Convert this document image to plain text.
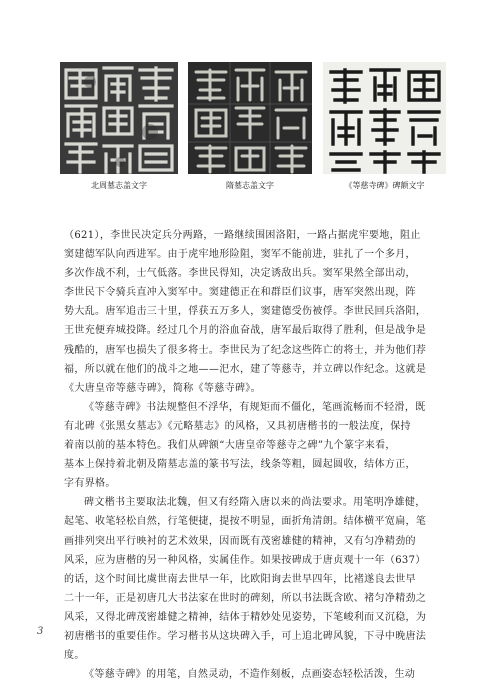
北周墓志盖文字	隋墓志盖文字	《等慈寺碑》碑额文字
（621），李世民决定兵分两路，一路继续围困洛阳，一路占据虎牢要地，阻止
窦建德军队向西进军。由于虎牢地形险阻，窦军不能前进，驻扎了一个多月，
多次作战不利，士气低落。李世民得知，决定诱敌出兵。窦军果然全部出动，
李世民下令骑兵直冲入窦军中。窦建德正在和群臣们议事，唐军突然出现，阵
势大乱。唐军追击三十里，俘获五万多人，窦建德受伤被俘。李世民回兵洛阳，
王世充便弃城投降。经过几个月的浴血奋战，唐军最后取得了胜利，但是战争是
残酷的，唐军也损失了很多将士。李世民为了纪念这些阵亡的将士，并为他们荐
福，所以就在他们的战斗之地——汜水，建了等慈寺，并立碑以作纪念。这就是
《大唐皇帝等慈寺碑》，简称《等慈寺碑》。
《等慈寺碑》书法规整但不浮华，有规矩而不僵化，笔画流畅而不轻滑，既
有北碑《张黑女墓志》《元略墓志》的风格，又具初唐楷书的一般法度，保持
着南以前的基本特色。我们从碑额“大唐皇帝等慈寺之碑”九个篆字来看，
基本上保持着北朝及隋墓志盖的篆书写法，线条等粗，圆起圆收，结体方正，
字有界格。
碑文楷书主要取法北魏，但又有经隋入唐以来的尚法要求。用笔明净雄健，
起笔、收笔轻松自然，行笔便捷，提按不明显，面折角清朗。结体横平宽扁，笔
画排列突出平行映衬的艺术效果，因而既有茂密雄健的精神，又有匀净精劲的
风采，应为唐楷的另一种风格，实属佳作。如果按碑成于唐贞观十一年（637）
的话，这个时间比虞世南去世早一年，比欧阳询去世早四年，比褚遂良去世早
二十一年，正是初唐几大书法家在世时的碑刻，所以书法既含欧、褚匀净精劲之
风采，又得北碑茂密雄健之精神，结体于精妙处见姿势，下笔峻利而又沉稳，为
初唐楷书的重要佳作。学习楷书从这块碑入手，可上追北碑风貌，下寻中晚唐法
度。
《等慈寺碑》的用笔，自然灵动，不造作刻板，点画姿态轻松活泼，生动
3
